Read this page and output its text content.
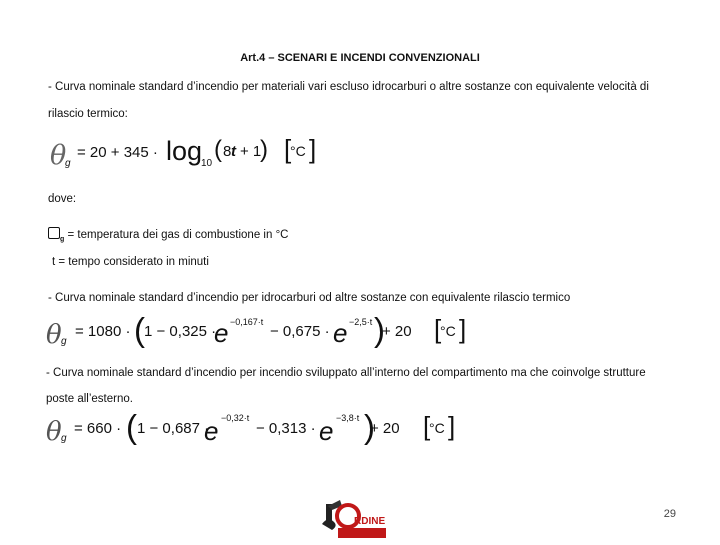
Art.4 – SCENARI E INCENDI CONVENZIONALI
- Curva nominale standard d’incendio per materiali vari escluso idrocarburi o altre sostanze con equivalente velocità di
rilascio termico:
θ
g
= 20 + 345 · log
10
( 8 t + 1
) [
°C ]
dove:
$_g$ = temperatura dei gas di combustione in °C
t = tempo considerato in minuti
- Curva nominale standard d’incendio per idrocarburi od altre sostanze con equivalente rilascio termico
θ g
= 1080 · ( 1 − 0,325 ·
e −0,167·t
− 0,675 · e −2,5·t )
+ 20 [
°C ]
- Curva nominale standard d’incendio per incendio sviluppato all’interno del compartimento ma che coinvolge strutture
poste all’esterno.
θ g
= 660 · ( 1 − 0,687 ·
e −0,32·t
− 0,313 · e −3,8·t )
+ 20 [
°C ]
RDINE
29
